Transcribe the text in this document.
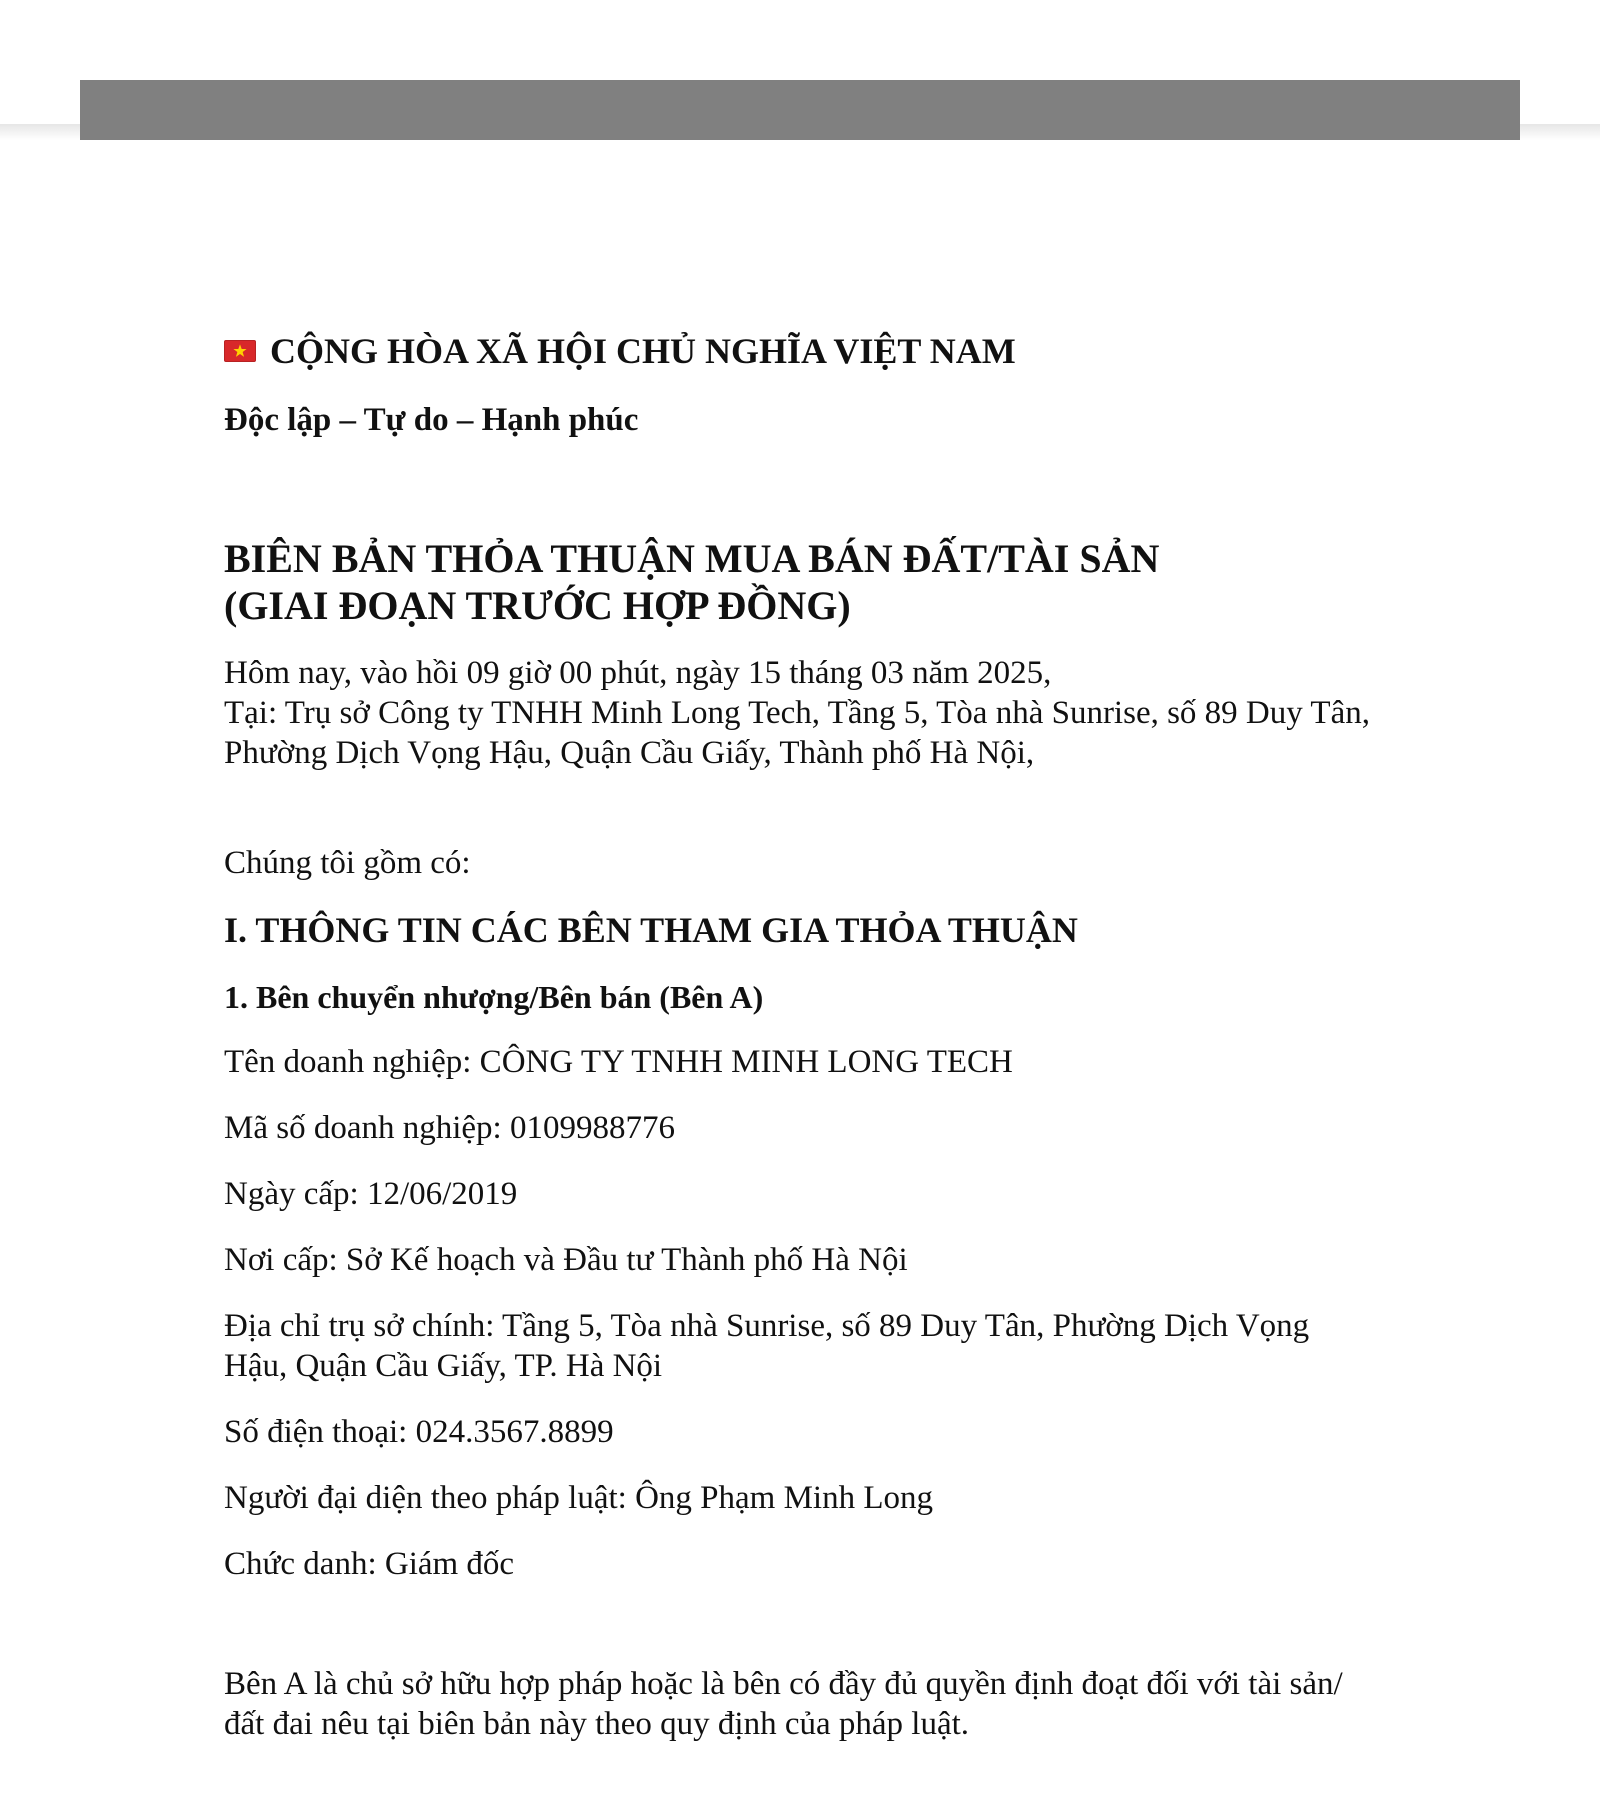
CỘNG HÒA XÃ HỘI CHỦ NGHĨA VIỆT NAM
Độc lập – Tự do – Hạnh phúc
BIÊN BẢN THỎA THUẬN MUA BÁN ĐẤT/TÀI SẢN
(GIAI ĐOẠN TRƯỚC HỢP ĐỒNG)

Hôm nay, vào hồi 09 giờ 00 phút, ngày 15 tháng 03 năm 2025,

Tại: Trụ sở Công ty TNHH Minh Long Tech, Tầng 5, Tòa nhà Sunrise, số 89 Duy Tân, Phường Dịch Vọng Hậu, Quận Cầu Giấy, Thành phố Hà Nội,

Chúng tôi gồm có:

I. THÔNG TIN CÁC BÊN THAM GIA THỎA THUẬN
1. Bên chuyển nhượng/Bên bán (Bên A)

Tên doanh nghiệp: CÔNG TY TNHH MINH LONG TECH

Mã số doanh nghiệp: 0109988776

Ngày cấp: 12/06/2019

Nơi cấp: Sở Kế hoạch và Đầu tư Thành phố Hà Nội

Địa chỉ trụ sở chính: Tầng 5, Tòa nhà Sunrise, số 89 Duy Tân, Phường Dịch Vọng Hậu, Quận Cầu Giấy, TP. Hà Nội

Số điện thoại: 024.3567.8899

Người đại diện theo pháp luật: Ông Phạm Minh Long

Chức danh: Giám đốc

Bên A là chủ sở hữu hợp pháp hoặc là bên có đầy đủ quyền định đoạt đối với tài sản/đất đai nêu tại biên bản này theo quy định của pháp luật.
